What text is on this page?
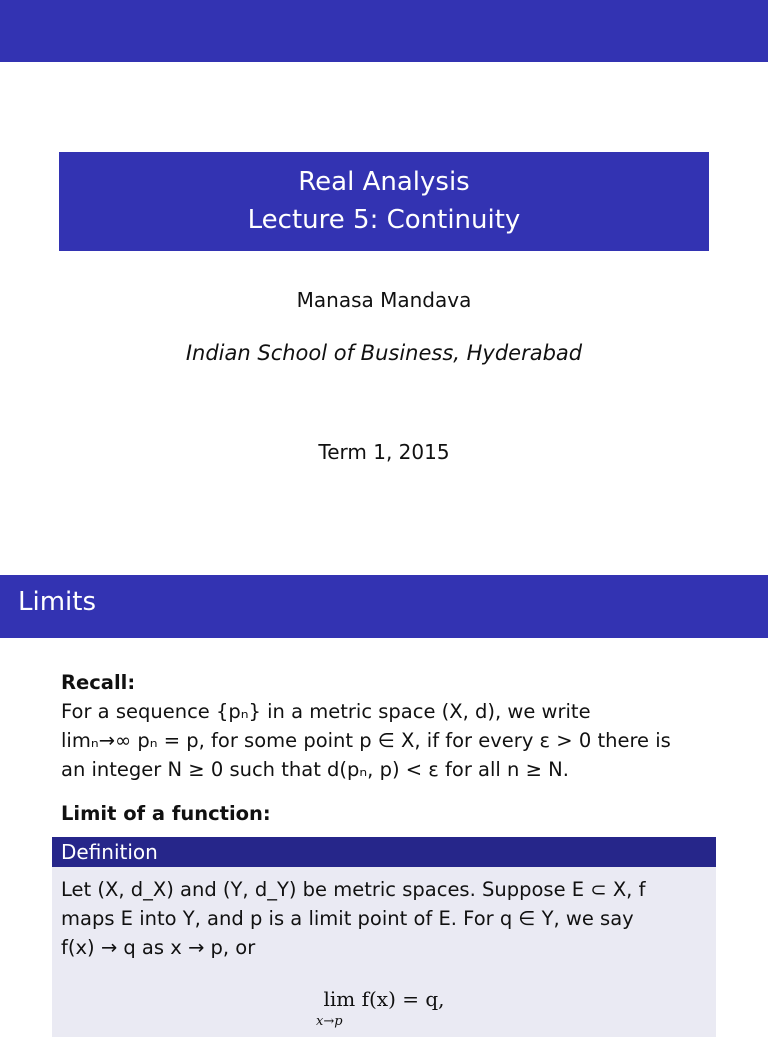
Real Analysis
Lecture 5: Continuity
Manasa Mandava
Indian School of Business, Hyderabad
Term 1, 2015
Limits
Recall:
For a sequence {pₙ} in a metric space (X, d), we write
limₙ→∞ pₙ = p, for some point p ∈ X, if for every ε > 0 there is
an integer N ≥ 0 such that d(pₙ, p) < ε for all n ≥ N.
Limit of a function:
Definition
Let (X, d_X) and (Y, d_Y) be metric spaces. Suppose E ⊂ X, f
maps E into Y, and p is a limit point of E. For q ∈ Y, we say
f(x) → q as x → p, or
lim f(x) = q,
x→p
